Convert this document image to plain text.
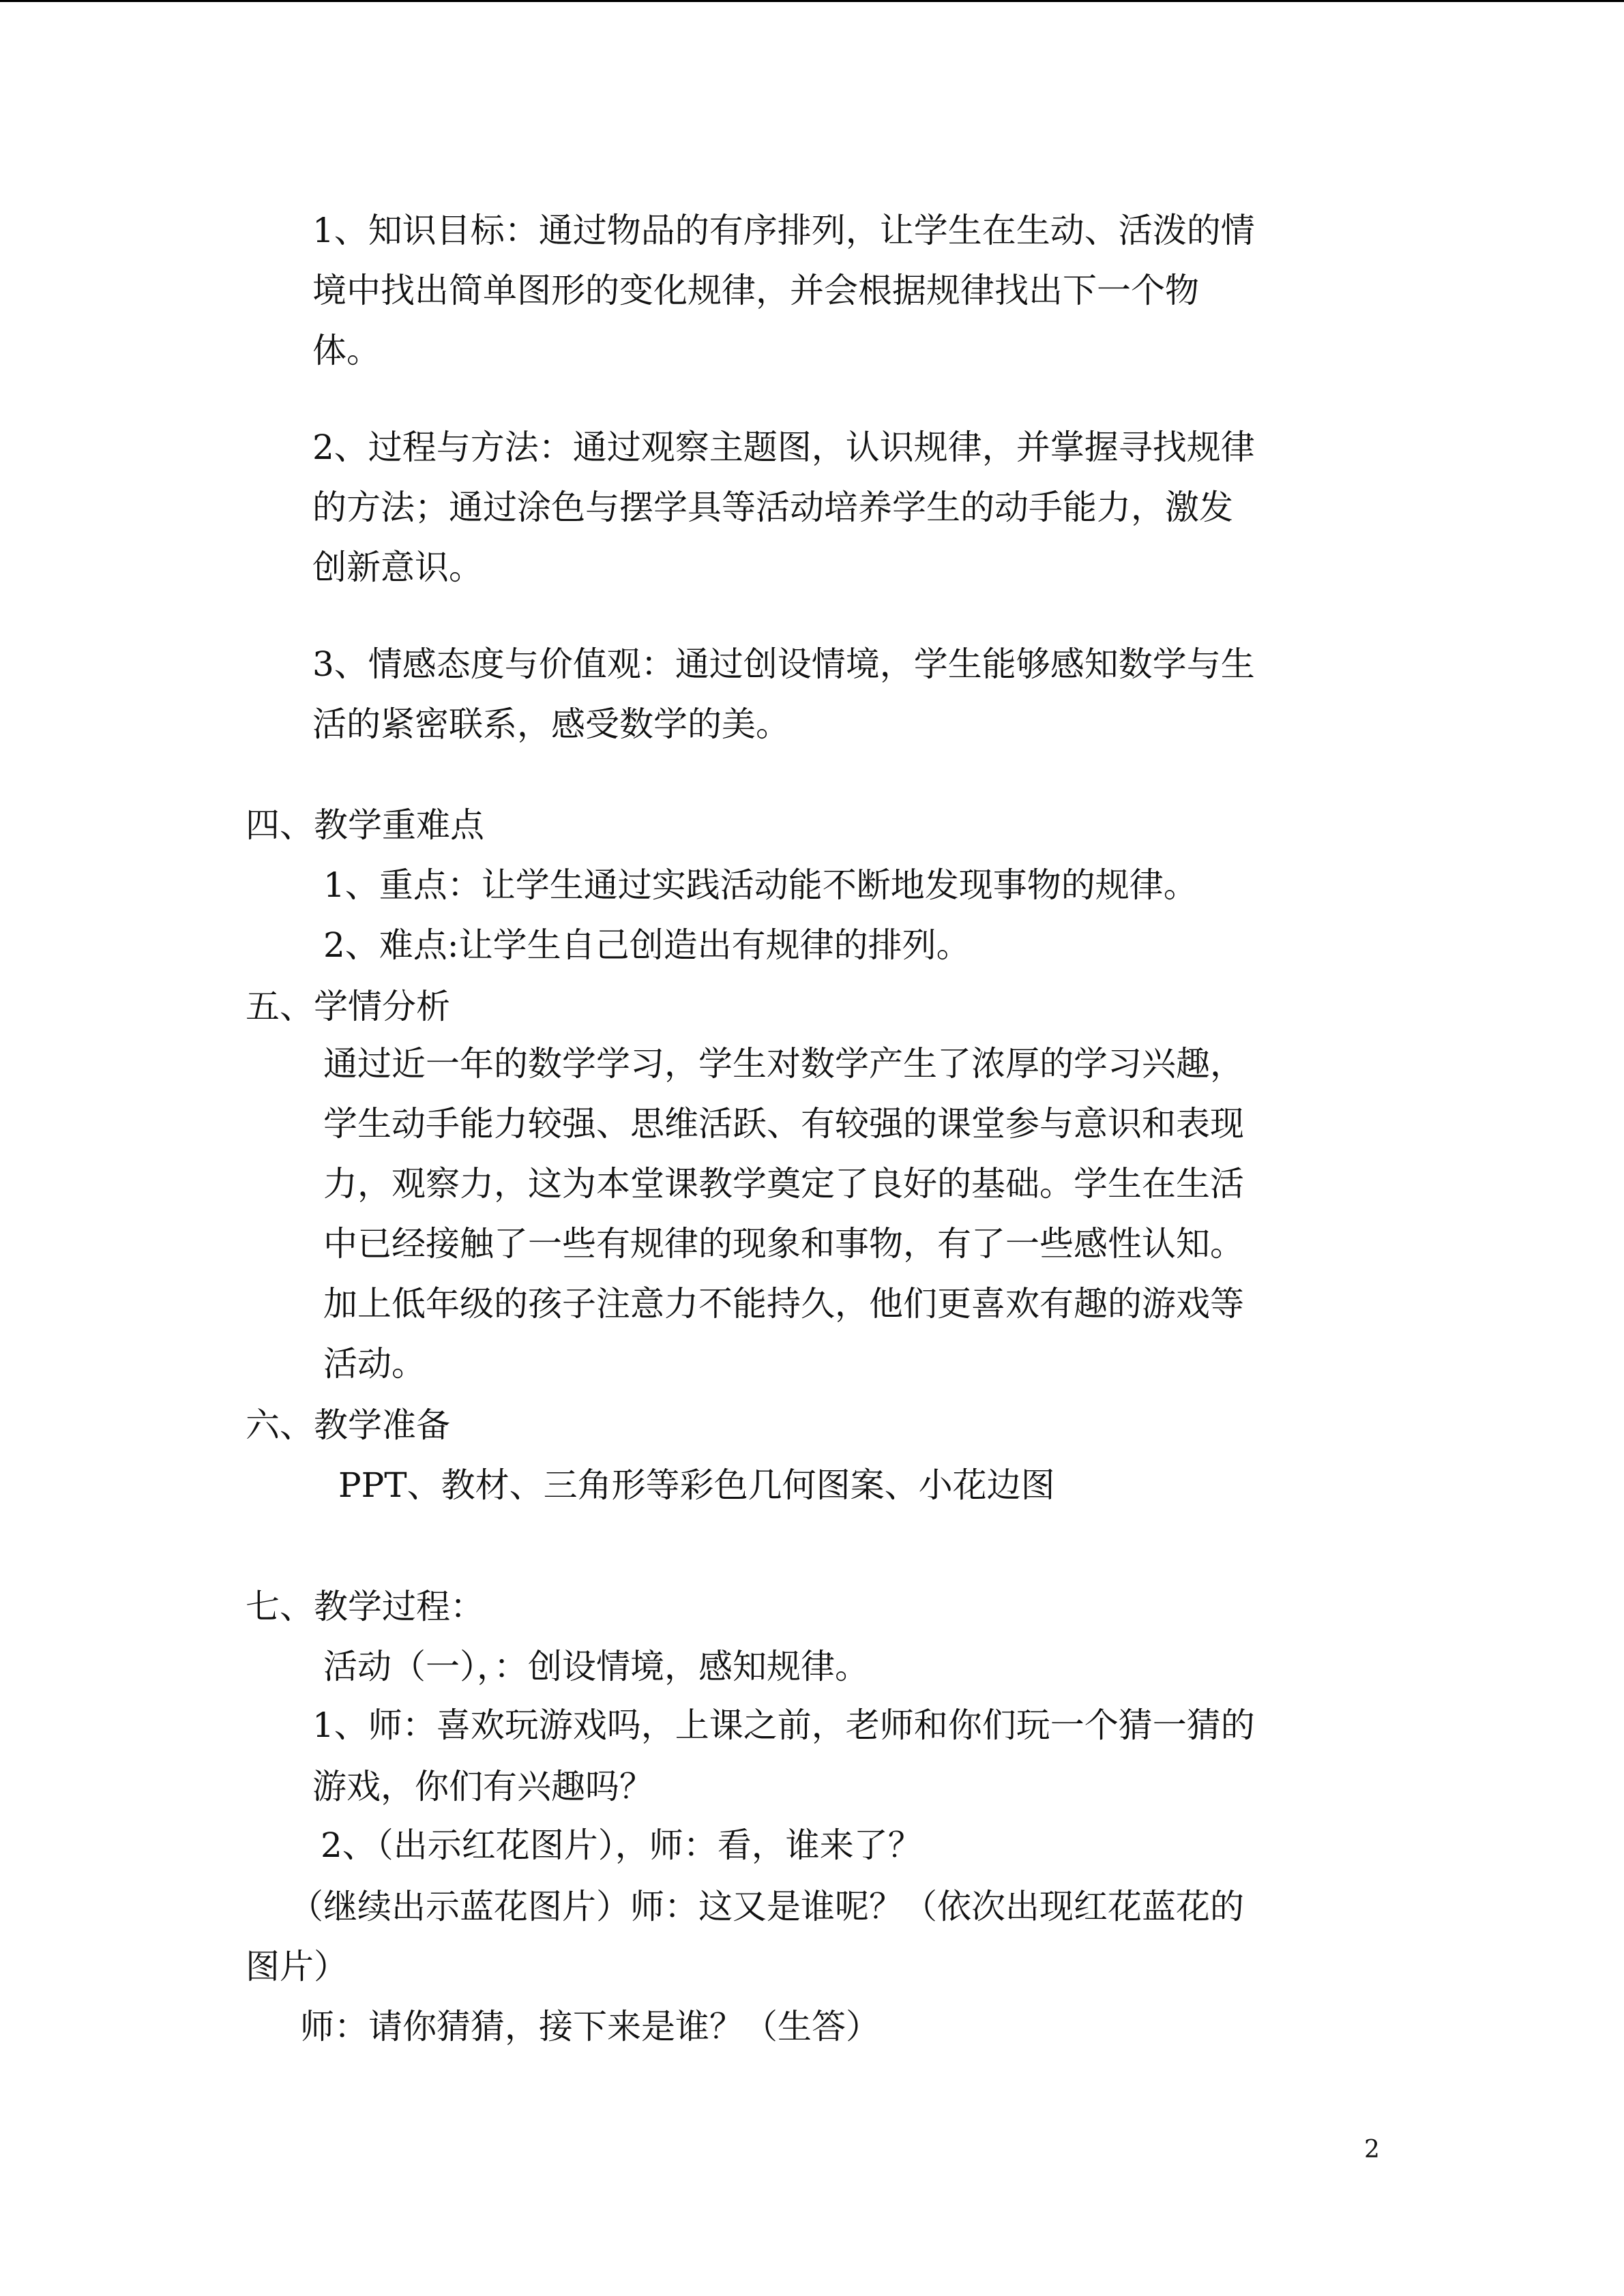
1、知识目标：通过物品的有序排列，让学生在生动、活泼的情
境中找出简单图形的变化规律，并会根据规律找出下一个物
体。
2、过程与方法：通过观察主题图，认识规律，并掌握寻找规律
的方法；通过涂色与摆学具等活动培养学生的动手能力，激发
创新意识。
3、情感态度与价值观：通过创设情境，学生能够感知数学与生
活的紧密联系，感受数学的美。
四、教学重难点
1、重点：让学生通过实践活动能不断地发现事物的规律。
2、难点:让学生自己创造出有规律的排列。
五、学情分析
通过近一年的数学学习，学生对数学产生了浓厚的学习兴趣，
学生动手能力较强、思维活跃、有较强的课堂参与意识和表现
力，观察力，这为本堂课教学奠定了良好的基础。学生在生活
中已经接触了一些有规律的现象和事物，有了一些感性认知。
加上低年级的孩子注意力不能持久，他们更喜欢有趣的游戏等
活动。
六、教学准备
PPT、教材、三角形等彩色几何图案、小花边图
七、教学过程：
活动（一），：创设情境，感知规律。
1、师：喜欢玩游戏吗，上课之前，老师和你们玩一个猜一猜的
游戏，你们有兴趣吗？
2、（出示红花图片），师：看，谁来了？
（继续出示蓝花图片）师：这又是谁呢？（依次出现红花蓝花的
图片）
师：请你猜猜，接下来是谁？（生答）
2
